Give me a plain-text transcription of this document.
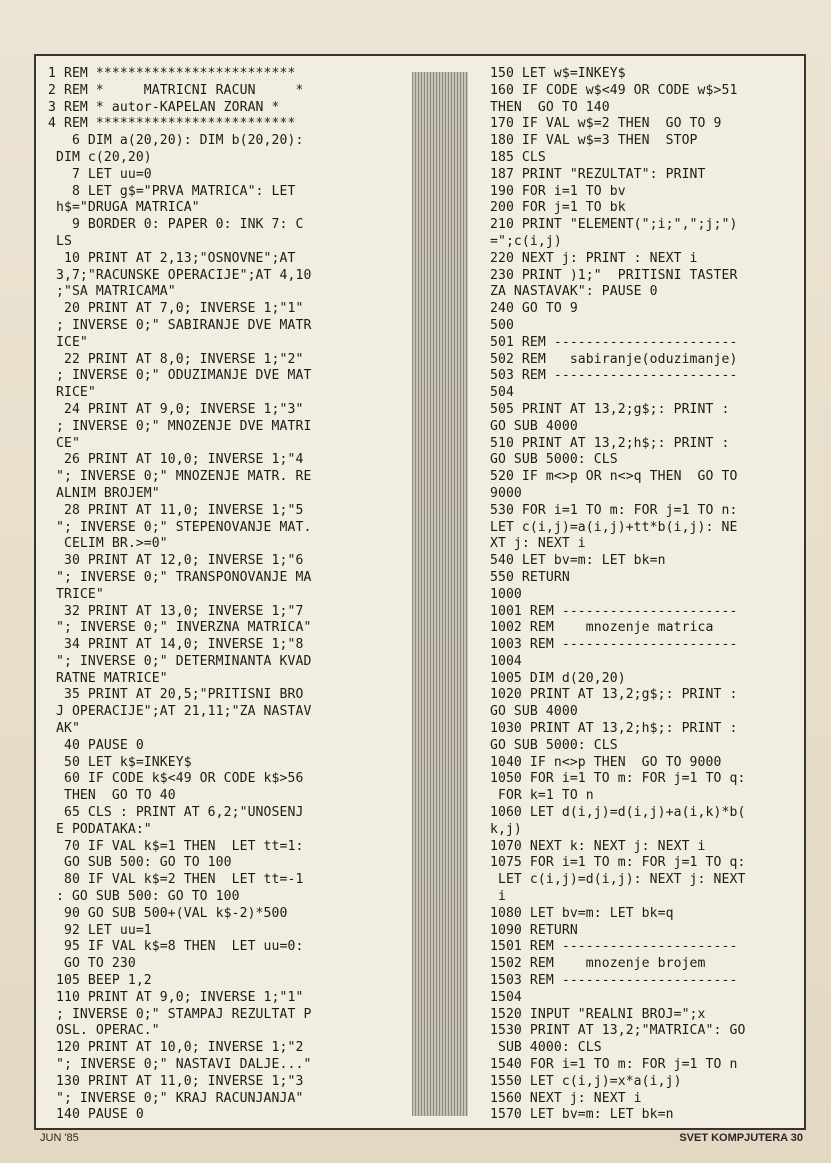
1 REM *************************
2 REM *     MATRICNI RACUN     *
3 REM * autor-KAPELAN ZORAN *
4 REM *************************
6 DIM a(20,20): DIM b(20,20):
DIM c(20,20)
7 LET uu=0
8 LET g$="PRVA MATRICA": LET
h$="DRUGA MATRICA"
9 BORDER 0: PAPER 0: INK 7: C
LS
10 PRINT AT 2,13;"OSNOVNE";AT
3,7;"RACUNSKE OPERACIJE";AT 4,10
;"SA MATRICAMA"
20 PRINT AT 7,0; INVERSE 1;"1"
; INVERSE 0;" SABIRANJE DVE MATR
ICE"
22 PRINT AT 8,0; INVERSE 1;"2"
; INVERSE 0;" ODUZIMANJE DVE MAT
RICE"
24 PRINT AT 9,0; INVERSE 1;"3"
; INVERSE 0;" MNOZENJE DVE MATRI
CE"
26 PRINT AT 10,0; INVERSE 1;"4
"; INVERSE 0;" MNOZENJE MATR. RE
ALNIM BROJEM"
28 PRINT AT 11,0; INVERSE 1;"5
"; INVERSE 0;" STEPENOVANJE MAT.
CELIM BR.>=0"
30 PRINT AT 12,0; INVERSE 1;"6
"; INVERSE 0;" TRANSPONOVANJE MA
TRICE"
32 PRINT AT 13,0; INVERSE 1;"7
"; INVERSE 0;" INVERZNA MATRICA"
34 PRINT AT 14,0; INVERSE 1;"8
"; INVERSE 0;" DETERMINANTA KVAD
RATNE MATRICE"
35 PRINT AT 20,5;"PRITISNI BRO
J OPERACIJE";AT 21,11;"ZA NASTAV
AK"
40 PAUSE 0
50 LET k$=INKEY$
60 IF CODE k$<49 OR CODE k$>56
THEN  GO TO 40
65 CLS : PRINT AT 6,2;"UNOSENJ
E PODATAKA:"
70 IF VAL k$=1 THEN  LET tt=1:
GO SUB 500: GO TO 100
80 IF VAL k$=2 THEN  LET tt=-1
: GO SUB 500: GO TO 100
90 GO SUB 500+(VAL k$-2)*500
92 LET uu=1
95 IF VAL k$=8 THEN  LET uu=0:
GO TO 230
105 BEEP 1,2
110 PRINT AT 9,0; INVERSE 1;"1"
; INVERSE 0;" STAMPAJ REZULTAT P
OSL. OPERAC."
120 PRINT AT 10,0; INVERSE 1;"2
"; INVERSE 0;" NASTAVI DALJE..."
130 PRINT AT 11,0; INVERSE 1;"3
"; INVERSE 0;" KRAJ RACUNJANJA"
140 PAUSE 0
150 LET w$=INKEY$
160 IF CODE w$<49 OR CODE w$>51
THEN  GO TO 140
170 IF VAL w$=2 THEN  GO TO 9
180 IF VAL w$=3 THEN  STOP
185 CLS
187 PRINT "REZULTAT": PRINT
190 FOR i=1 TO bv
200 FOR j=1 TO bk
210 PRINT "ELEMENT(";i;",";j;")
=";c(i,j)
220 NEXT j: PRINT : NEXT i
230 PRINT )1;"  PRITISNI TASTER
ZA NASTAVAK": PAUSE 0
240 GO TO 9
500
501 REM -----------------------
502 REM   sabiranje(oduzimanje)
503 REM -----------------------
504
505 PRINT AT 13,2;g$;: PRINT :
GO SUB 4000
510 PRINT AT 13,2;h$;: PRINT :
GO SUB 5000: CLS
520 IF m<>p OR n<>q THEN  GO TO
9000
530 FOR i=1 TO m: FOR j=1 TO n:
LET c(i,j)=a(i,j)+tt*b(i,j): NE
XT j: NEXT i
540 LET bv=m: LET bk=n
550 RETURN
1000
1001 REM ----------------------
1002 REM    mnozenje matrica
1003 REM ----------------------
1004
1005 DIM d(20,20)
1020 PRINT AT 13,2;g$;: PRINT :
GO SUB 4000
1030 PRINT AT 13,2;h$;: PRINT :
GO SUB 5000: CLS
1040 IF n<>p THEN  GO TO 9000
1050 FOR i=1 TO m: FOR j=1 TO q:
FOR k=1 TO n
1060 LET d(i,j)=d(i,j)+a(i,k)*b(
k,j)
1070 NEXT k: NEXT j: NEXT i
1075 FOR i=1 TO m: FOR j=1 TO q:
LET c(i,j)=d(i,j): NEXT j: NEXT
i
1080 LET bv=m: LET bk=q
1090 RETURN
1501 REM ----------------------
1502 REM    mnozenje brojem
1503 REM ----------------------
1504
1520 INPUT "REALNI BROJ=";x
1530 PRINT AT 13,2;"MATRICA": GO
SUB 4000: CLS
1540 FOR i=1 TO m: FOR j=1 TO n
1550 LET c(i,j)=x*a(i,j)
1560 NEXT j: NEXT i
1570 LET bv=m: LET bk=n
JUN '85	SVET KOMPJUTERA 30
